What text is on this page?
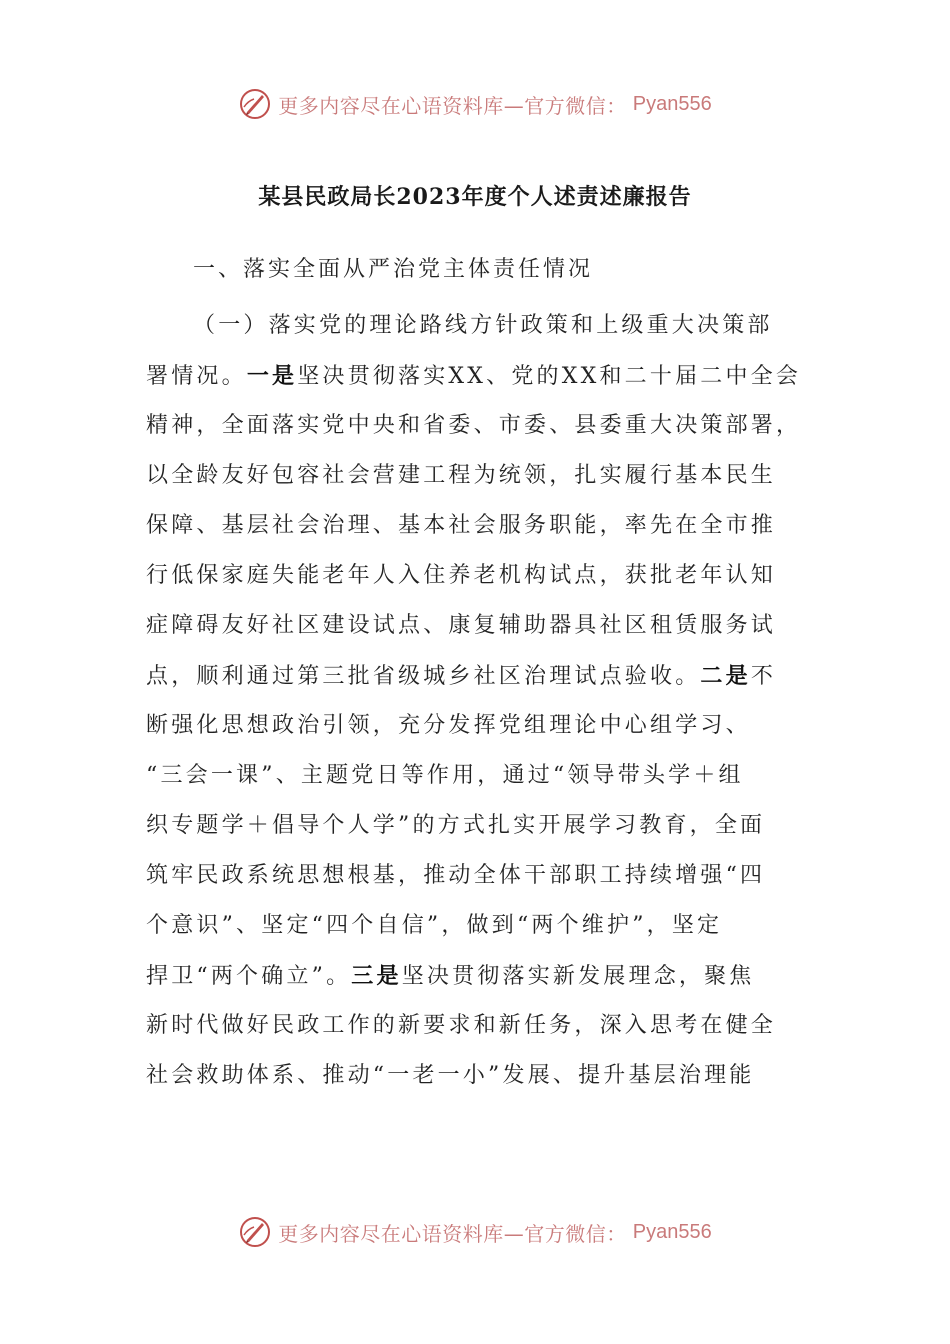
更多内容尽在心语资料库—官方微信： Pyan556
某县民政局长2023年度个人述责述廉报告
一、落实全面从严治党主体责任情况
（一）落实党的理论路线方针政策和上级重大决策部
署情况。一是坚决贯彻落实XX、党的XX和二十届二中全会
精神，全面落实党中央和省委、市委、县委重大决策部署，
以全龄友好包容社会营建工程为统领，扎实履行基本民生
保障、基层社会治理、基本社会服务职能，率先在全市推
行低保家庭失能老年人入住养老机构试点，获批老年认知
症障碍友好社区建设试点、康复辅助器具社区租赁服务试
点，顺利通过第三批省级城乡社区治理试点验收。二是不
断强化思想政治引领，充分发挥党组理论中心组学习、
“三会一课”、主题党日等作用，通过“领导带头学＋组
织专题学＋倡导个人学”的方式扎实开展学习教育，全面
筑牢民政系统思想根基，推动全体干部职工持续增强“四
个意识”、坚定“四个自信”，做到“两个维护”，坚定
捍卫“两个确立”。三是坚决贯彻落实新发展理念，聚焦
新时代做好民政工作的新要求和新任务，深入思考在健全
社会救助体系、推动“一老一小”发展、提升基层治理能
更多内容尽在心语资料库—官方微信： Pyan556
